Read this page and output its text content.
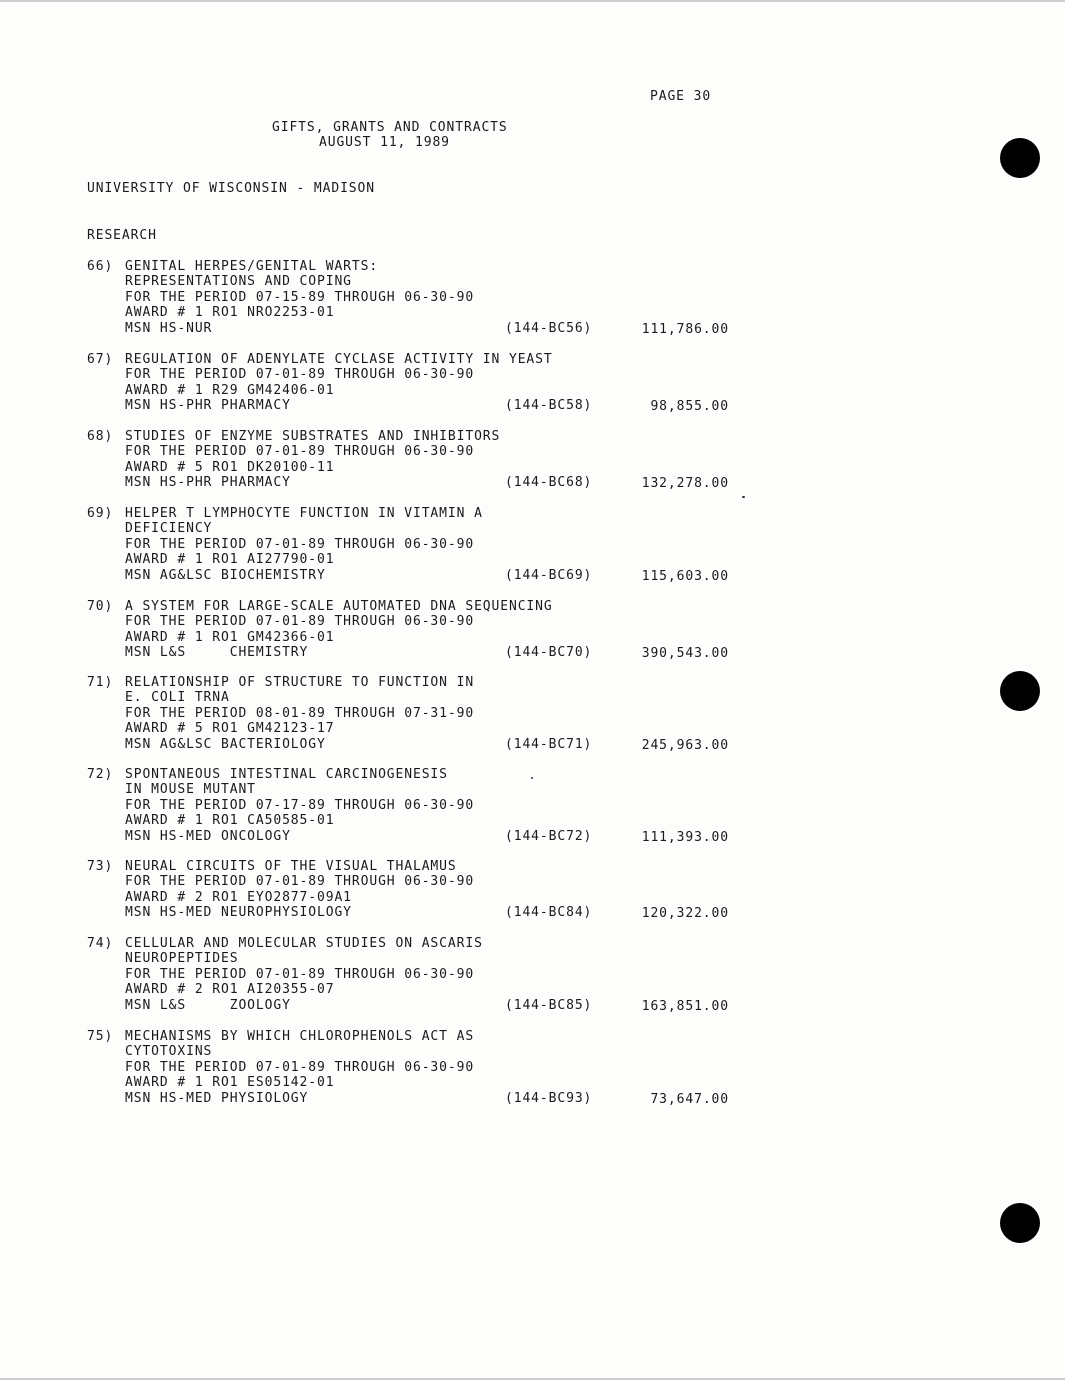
PAGE 30
GIFTS, GRANTS AND CONTRACTS
AUGUST 11, 1989
UNIVERSITY OF WISCONSIN - MADISON
RESEARCH
66) GENITAL HERPES/GENITAL WARTS:
REPRESENTATIONS AND COPING
FOR THE PERIOD 07-15-89 THROUGH 06-30-90
AWARD # 1 RO1 NRO2253-01
MSN HS-NUR	(144-BC56)	111,786.00
67) REGULATION OF ADENYLATE CYCLASE ACTIVITY IN YEAST
FOR THE PERIOD 07-01-89 THROUGH 06-30-90
AWARD # 1 R29 GM42406-01
MSN HS-PHR PHARMACY	(144-BC58)	98,855.00
68) STUDIES OF ENZYME SUBSTRATES AND INHIBITORS
FOR THE PERIOD 07-01-89 THROUGH 06-30-90
AWARD # 5 RO1 DK20100-11
MSN HS-PHR PHARMACY	(144-BC68)	132,278.00
69) HELPER T LYMPHOCYTE FUNCTION IN VITAMIN A
DEFICIENCY
FOR THE PERIOD 07-01-89 THROUGH 06-30-90
AWARD # 1 RO1 AI27790-01
MSN AG&LSC BIOCHEMISTRY	(144-BC69)	115,603.00
70) A SYSTEM FOR LARGE-SCALE AUTOMATED DNA SEQUENCING
FOR THE PERIOD 07-01-89 THROUGH 06-30-90
AWARD # 1 RO1 GM42366-01
MSN L&S     CHEMISTRY	(144-BC70)	390,543.00
71) RELATIONSHIP OF STRUCTURE TO FUNCTION IN
E. COLI TRNA
FOR THE PERIOD 08-01-89 THROUGH 07-31-90
AWARD # 5 RO1 GM42123-17
MSN AG&LSC BACTERIOLOGY	(144-BC71)	245,963.00
72) SPONTANEOUS INTESTINAL CARCINOGENESIS
IN MOUSE MUTANT
FOR THE PERIOD 07-17-89 THROUGH 06-30-90
AWARD # 1 RO1 CA50585-01
MSN HS-MED ONCOLOGY	(144-BC72)	111,393.00
73) NEURAL CIRCUITS OF THE VISUAL THALAMUS
FOR THE PERIOD 07-01-89 THROUGH 06-30-90
AWARD # 2 RO1 EYO2877-09A1
MSN HS-MED NEUROPHYSIOLOGY	(144-BC84)	120,322.00
74) CELLULAR AND MOLECULAR STUDIES ON ASCARIS
NEUROPEPTIDES
FOR THE PERIOD 07-01-89 THROUGH 06-30-90
AWARD # 2 RO1 AI20355-07
MSN L&S     ZOOLOGY	(144-BC85)	163,851.00
75) MECHANISMS BY WHICH CHLOROPHENOLS ACT AS
CYTOTOXINS
FOR THE PERIOD 07-01-89 THROUGH 06-30-90
AWARD # 1 RO1 ES05142-01
MSN HS-MED PHYSIOLOGY	(144-BC93)	73,647.00
